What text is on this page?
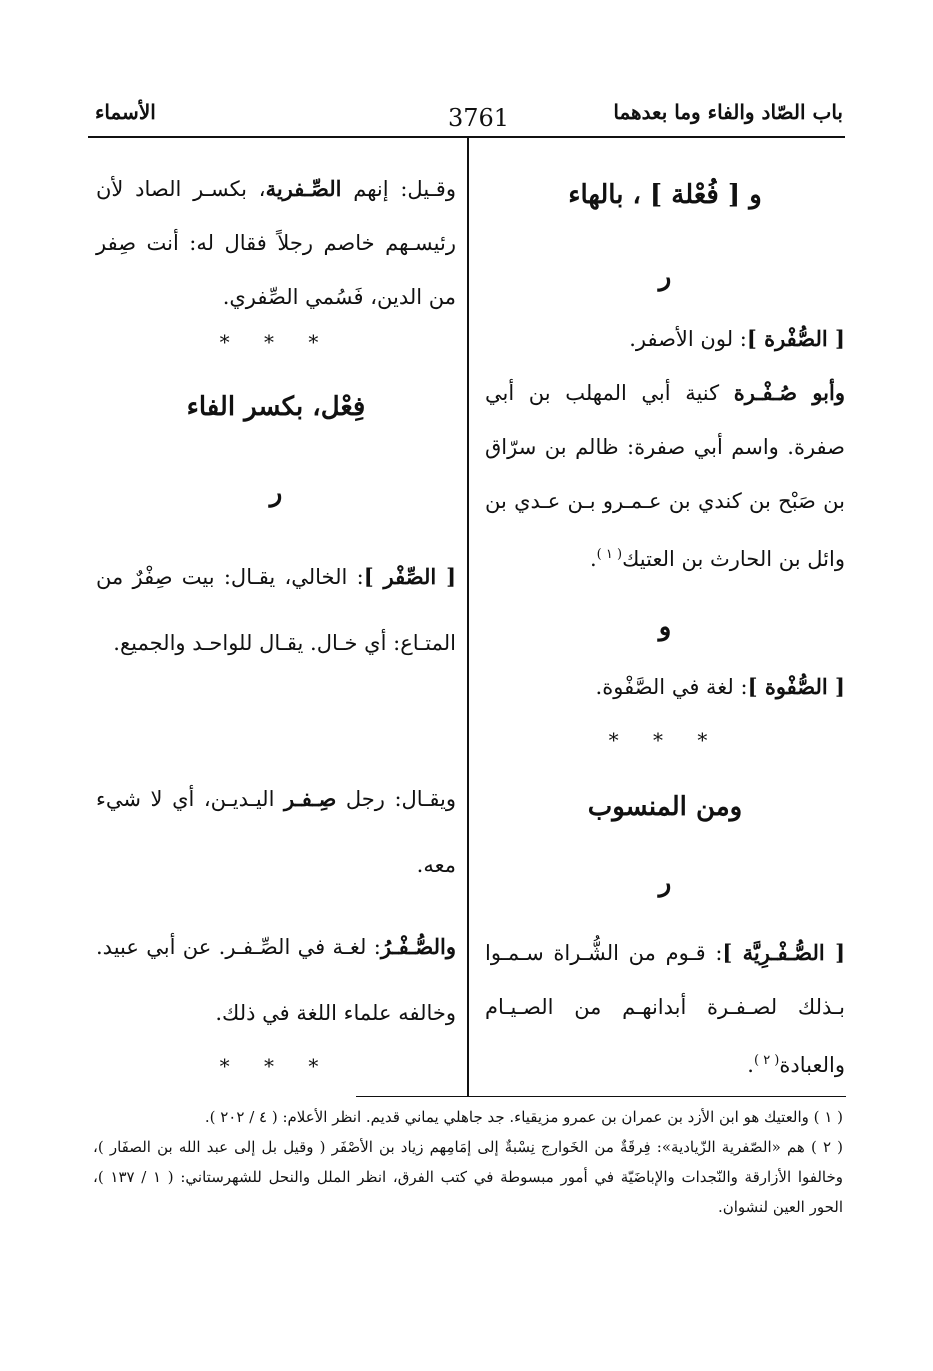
باب الصّاد والفاء وما بعدهما
3761
الأسماء
و [ فُعْلة ] ، بالهاء
ر
[ الصُّفْرة ]: لون الأصفر.
وأبو صُـفْـرة كنية أبي المهلب بن أبي صفرة. واسم أبي صفرة: ظالم بن سرّاق بن صَبْح بن كندي بن عـمـرو بـن عـدي بن وائل بن الحارث بن العتيك$^{( ١ )}$.
و
[ الصُّفْوة ]: لغة في الصَّفْوة.
* * *
ومن المنسوب
ر
[ الصُّـفْـرِيَّة ]: قـوم من الشُّـراة سـمـوا بـذلك لصـفـرة أبدانهـم من الصـيـام والعبادة$^{( ٢ )}$.
وقـيل: إنهم الصِّـفرية، بكسـر الصاد لأن رئيسـهم خاصم رجلاً فقال له: أنت صِفر من الدين، فَسُمي الصِّفري.
* * *
فِعْل، بكسر الفاء
ر
[ الصِّفْر ]: الخالي، يقـال: بيت صِفْرٌ من المتـاع: أي خـال. يقـال للواحـد والجميع.
ويقـال: رجل صِـفـر اليـديـن، أي لا شيء معه.
والصُّـفْـرُ: لغـة في الصِّـفـر. عن أبي عبيد. وخالفه علماء اللغة في ذلك.
* * *
( ١ ) والعتيك هو ابن الأزد بن عمران بن عمرو مزيقياء. جد جاهلي يماني قديم. انظر الأعلام: ( ٤ / ٢٠٢ ).
( ٢ ) هم «الصّفرية الزّيادية»: فِرقَةٌ من الخَوارج نِسْبةٌ إلى إمَامِهم زياد بن الأصْفَر ( وقيل بل إلى عبد الله بن الصفَار )، وخالفوا الأزارقة والنّجدات والإباضَيّة في أمور مبسوطة في كتب الفرق، انظر الملل والنحل للشهرستاني: ( ١ / ١٣٧ )، الحور العين لنشوان.
